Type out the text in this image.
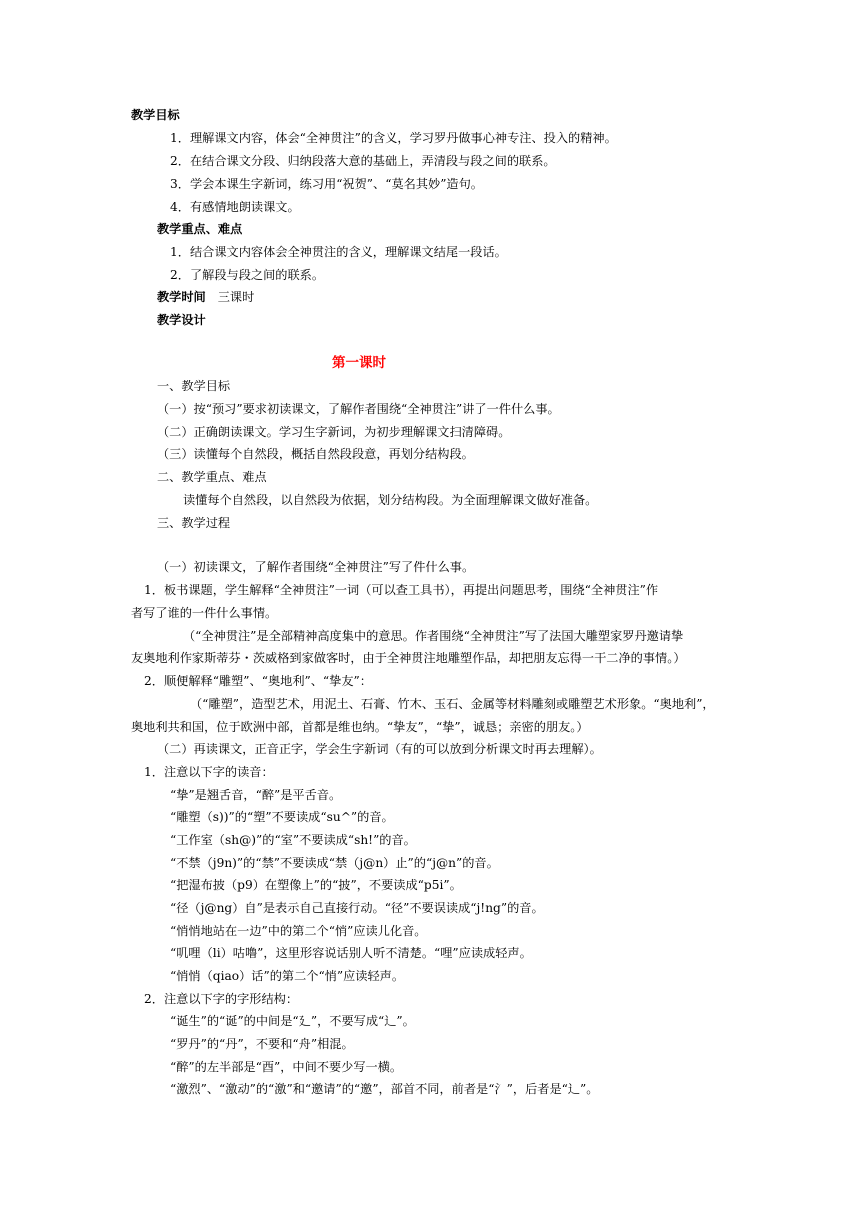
教学目标
1．理解课文内容，体会“全神贯注”的含义，学习罗丹做事心神专注、投入的精神。
2．在结合课文分段、归纳段落大意的基础上，弄清段与段之间的联系。
3．学会本课生字新词，练习用“祝贺”、“莫名其妙”造句。
4．有感情地朗读课文。
教学重点、难点
1．结合课文内容体会全神贯注的含义，理解课文结尾一段话。
2．了解段与段之间的联系。
教学时间 三课时
教学设计
第一课时
一、教学目标
（一）按“预习”要求初读课文，了解作者围绕“全神贯注”讲了一件什么事。
（二）正确朗读课文。学习生字新词，为初步理解课文扫清障碍。
（三）读懂每个自然段，概括自然段段意，再划分结构段。
二、教学重点、难点
读懂每个自然段，以自然段为依据，划分结构段。为全面理解课文做好准备。
三、教学过程
（一）初读课文，了解作者围绕“全神贯注”写了件什么事。
1．板书课题，学生解释“全神贯注”一词（可以查工具书），再提出问题思考，围绕“全神贯注”作
者写了谁的一件什么事情。
（“全神贯注”是全部精神高度集中的意思。作者围绕“全神贯注”写了法国大雕塑家罗丹邀请挚
友奥地利作家斯蒂芬・茨威格到家做客时，由于全神贯注地雕塑作品，却把朋友忘得一干二净的事情。）
2．顺便解释“雕塑”、“奥地利”、“挚友”：
（“雕塑”，造型艺术，用泥土、石膏、竹木、玉石、金属等材料雕刻或雕塑艺术形象。“奥地利”，
奥地利共和国，位于欧洲中部，首都是维也纳。“挚友”，“挚”，诚恳；亲密的朋友。）
（二）再读课文，正音正字，学会生字新词（有的可以放到分析课文时再去理解）。
1．注意以下字的读音：
“挚”是翘舌音，“醉”是平舌音。
“雕塑（s))”的“塑”不要读成“su^”的音。
“工作室（sh@)”的“室”不要读成“sh!”的音。
“不禁（j9n)”的“禁”不要读成“禁（j@n）止”的“j@n”的音。
“把湿布披（p9）在塑像上”的“披”，不要读成“p5i”。
“径（j@ng）自”是表示自己直接行动。“径”不要误读成“j!ng”的音。
“悄悄地站在一边”中的第二个“悄”应读儿化音。
“叽哩（li）咕噜”，这里形容说话别人听不清楚。“哩”应读成轻声。
“悄悄（qiao）话”的第二个“悄”应读轻声。
2．注意以下字的字形结构：
“诞生”的“诞”的中间是“廴”，不要写成“辶”。
“罗丹”的“丹”，不要和“舟”相混。
“醉”的左半部是“酉”，中间不要少写一横。
“激烈”、“激动”的“激”和“邀请”的“邀”，部首不同，前者是“氵”，后者是“辶”。
